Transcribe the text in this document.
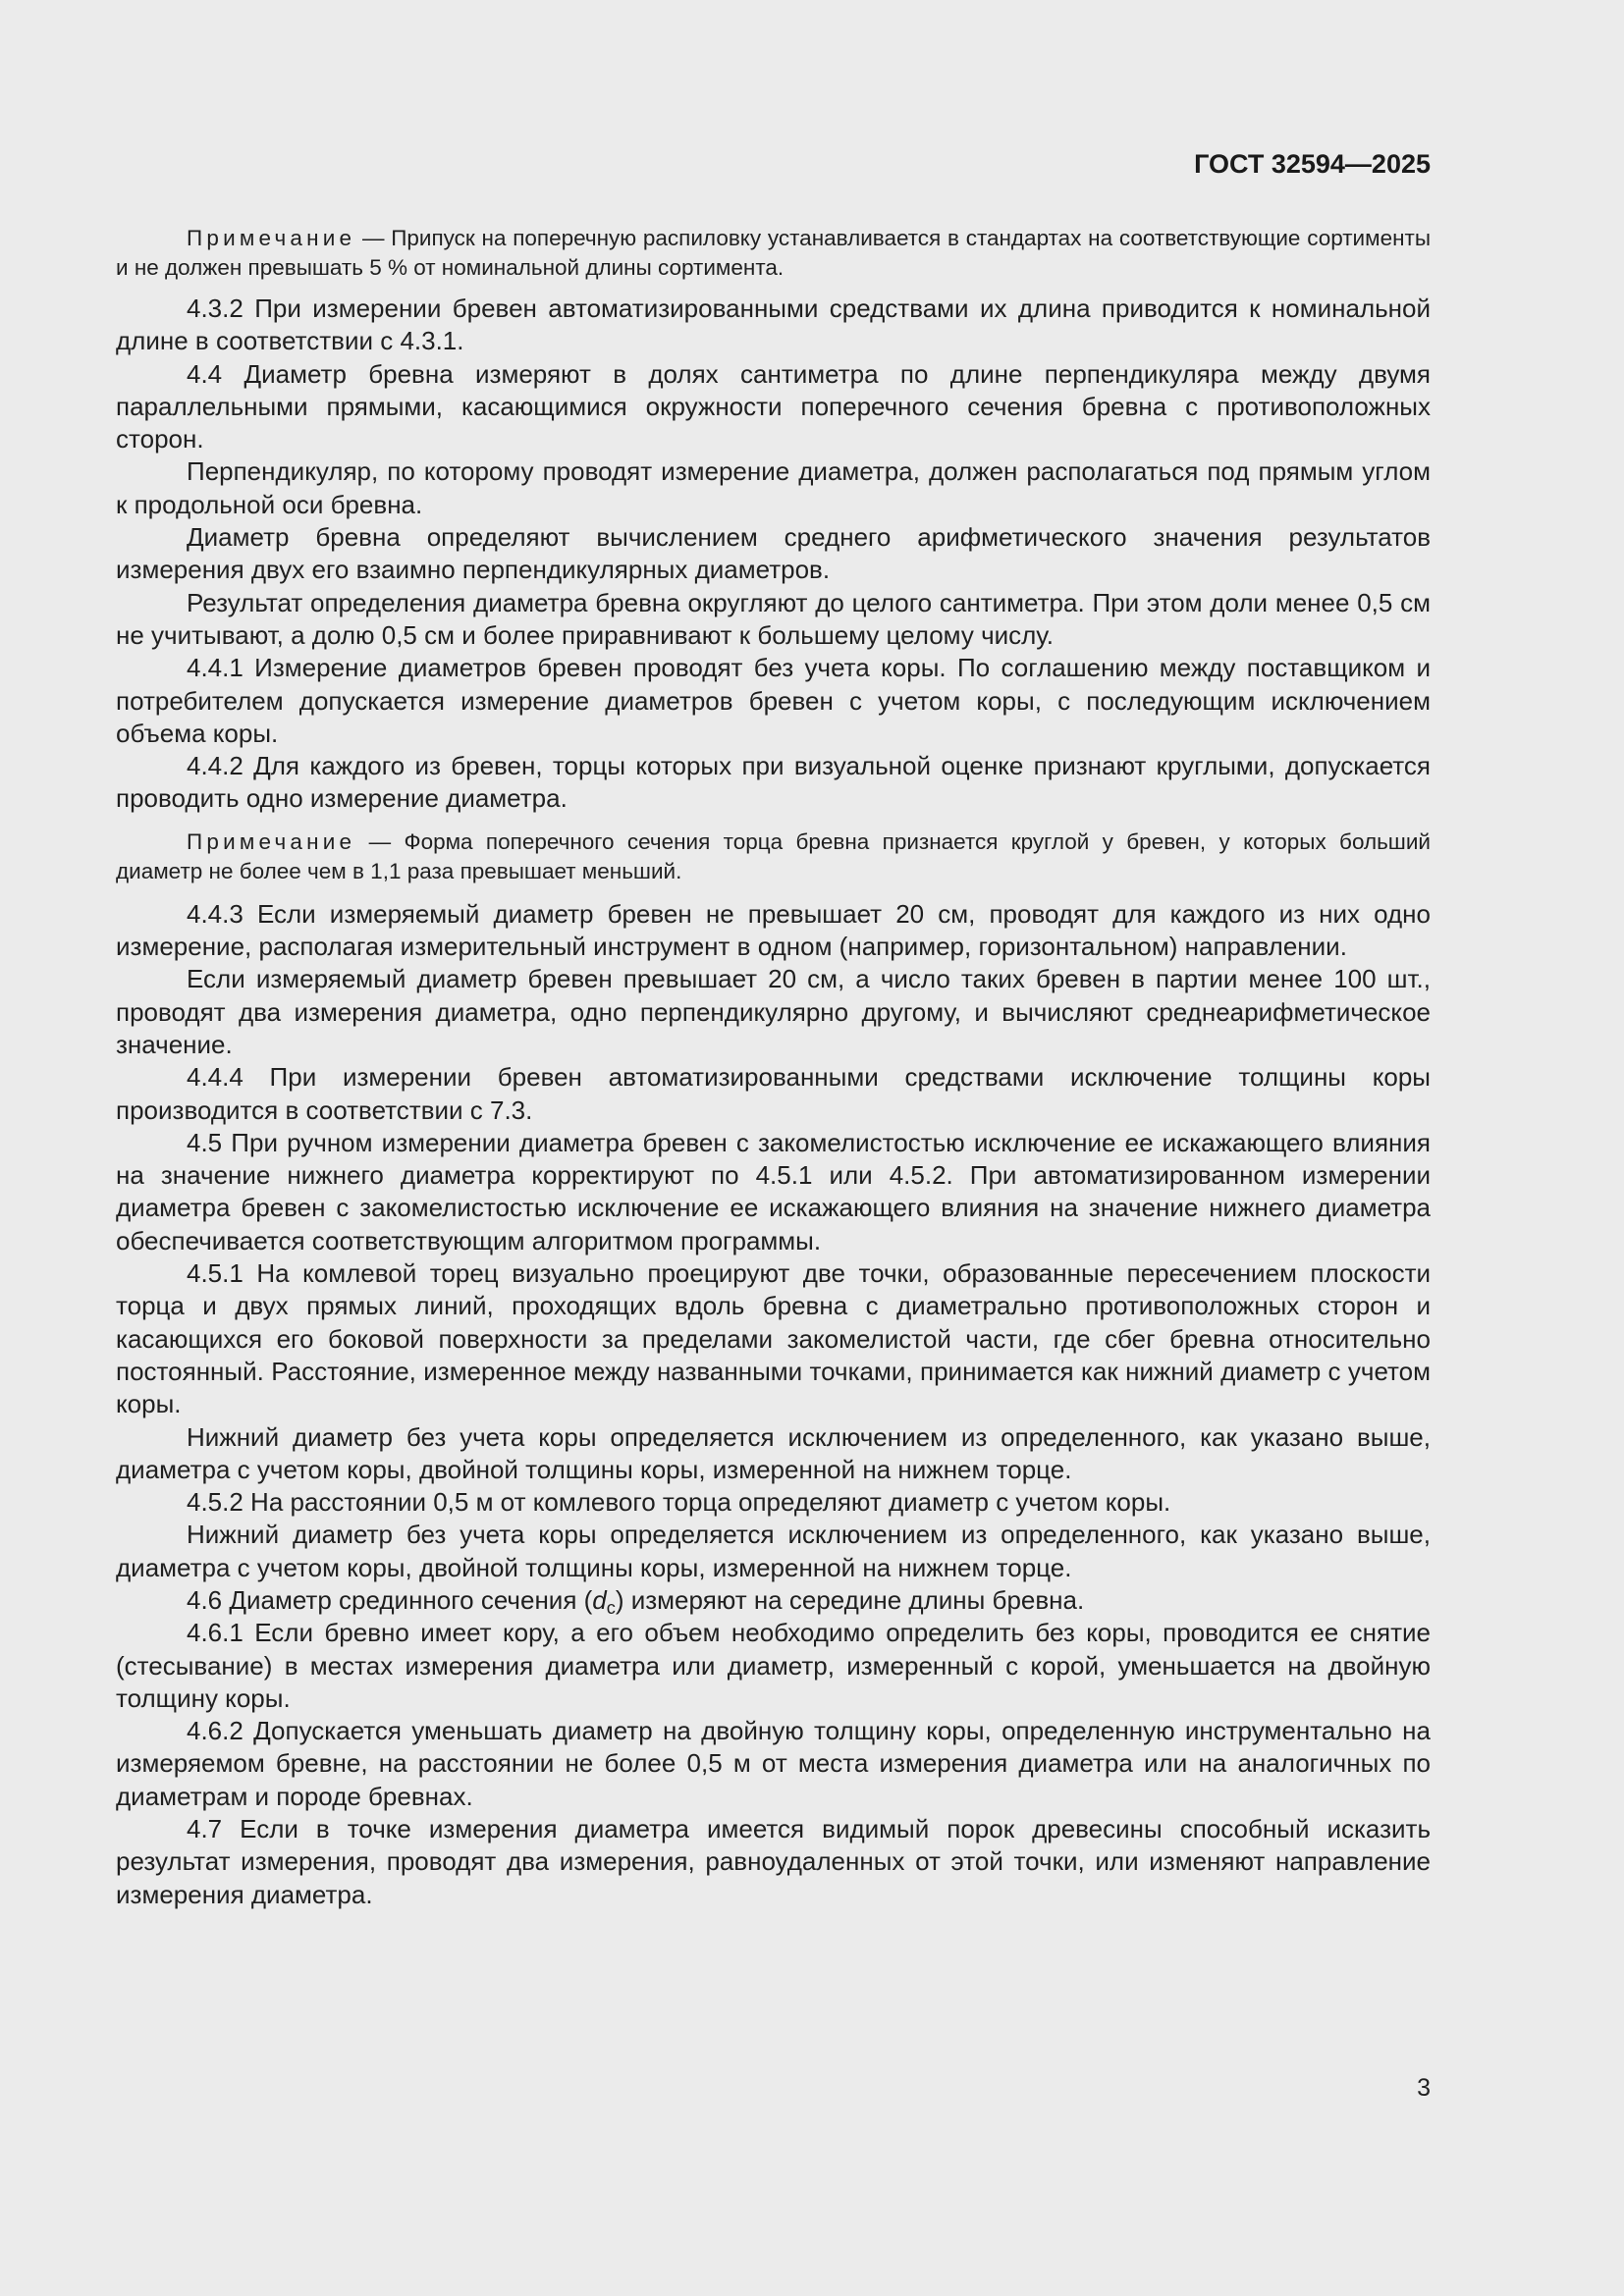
ГОСТ 32594—2025

Примечание — Припуск на поперечную распиловку устанавливается в стандартах на соответствующие сортименты и не должен превышать 5 % от номинальной длины сортимента.

4.3.2 При измерении бревен автоматизированными средствами их длина приводится к номинальной длине в соответствии с 4.3.1.

4.4 Диаметр бревна измеряют в долях сантиметра по длине перпендикуляра между двумя параллельными прямыми, касающимися окружности поперечного сечения бревна с противоположных сторон.

Перпендикуляр, по которому проводят измерение диаметра, должен располагаться под прямым углом к продольной оси бревна.

Диаметр бревна определяют вычислением среднего арифметического значения результатов измерения двух его взаимно перпендикулярных диаметров.

Результат определения диаметра бревна округляют до целого сантиметра. При этом доли менее 0,5 см не учитывают, а долю 0,5 см и более приравнивают к большему целому числу.

4.4.1 Измерение диаметров бревен проводят без учета коры. По соглашению между поставщиком и потребителем допускается измерение диаметров бревен с учетом коры, с последующим исключением объема коры.

4.4.2 Для каждого из бревен, торцы которых при визуальной оценке признают круглыми, допускается проводить одно измерение диаметра.

Примечание — Форма поперечного сечения торца бревна признается круглой у бревен, у которых больший диаметр не более чем в 1,1 раза превышает меньший.

4.4.3 Если измеряемый диаметр бревен не превышает 20 см, проводят для каждого из них одно измерение, располагая измерительный инструмент в одном (например, горизонтальном) направлении.

Если измеряемый диаметр бревен превышает 20 см, а число таких бревен в партии менее 100 шт., проводят два измерения диаметра, одно перпендикулярно другому, и вычисляют среднеарифметическое значение.

4.4.4 При измерении бревен автоматизированными средствами исключение толщины коры производится в соответствии с 7.3.

4.5 При ручном измерении диаметра бревен с закомелистостью исключение ее искажающего влияния на значение нижнего диаметра корректируют по 4.5.1 или 4.5.2. При автоматизированном измерении диаметра бревен с закомелистостью исключение ее искажающего влияния на значение нижнего диаметра обеспечивается соответствующим алгоритмом программы.

4.5.1 На комлевой торец визуально проецируют две точки, образованные пересечением плоскости торца и двух прямых линий, проходящих вдоль бревна с диаметрально противоположных сторон и касающихся его боковой поверхности за пределами закомелистой части, где сбег бревна относительно постоянный. Расстояние, измеренное между названными точками, принимается как нижний диаметр с учетом коры.

Нижний диаметр без учета коры определяется исключением из определенного, как указано выше, диаметра с учетом коры, двойной толщины коры, измеренной на нижнем торце.

4.5.2 На расстоянии 0,5 м от комлевого торца определяют диаметр с учетом коры.

Нижний диаметр без учета коры определяется исключением из определенного, как указано выше, диаметра с учетом коры, двойной толщины коры, измеренной на нижнем торце.

4.6 Диаметр срединного сечения $(d_c)$ измеряют на середине длины бревна.

4.6.1 Если бревно имеет кору, а его объем необходимо определить без коры, проводится ее снятие (стесывание) в местах измерения диаметра или диаметр, измеренный с корой, уменьшается на двойную толщину коры.

4.6.2 Допускается уменьшать диаметр на двойную толщину коры, определенную инструментально на измеряемом бревне, на расстоянии не более 0,5 м от места измерения диаметра или на аналогичных по диаметрам и породе бревнах.

4.7 Если в точке измерения диаметра имеется видимый порок древесины способный исказить результат измерения, проводят два измерения, равноудаленных от этой точки, или изменяют направление измерения диаметра.

3
